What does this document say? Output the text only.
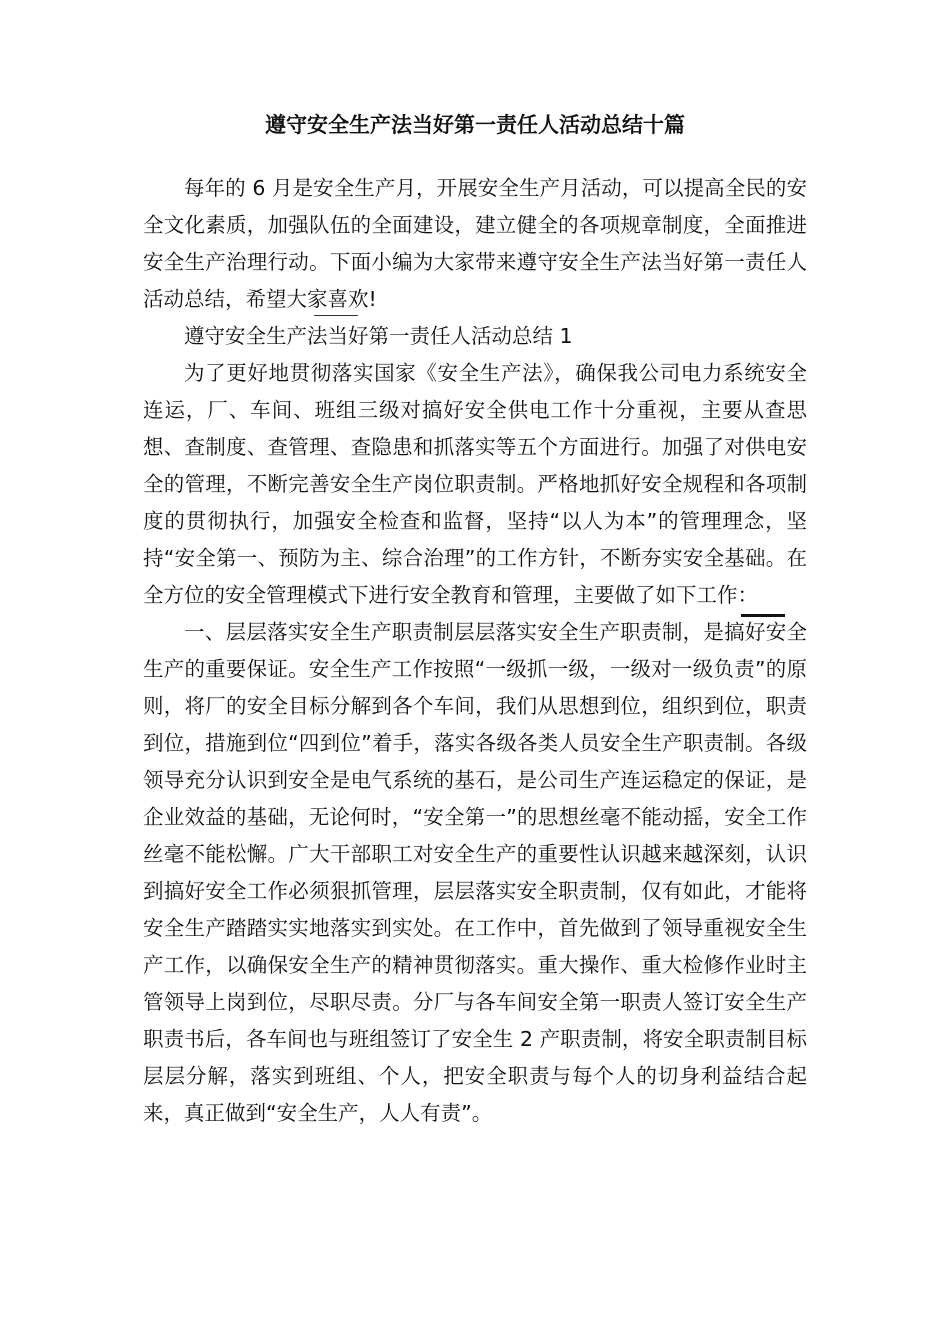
遵守安全生产法当好第一责任人活动总结十篇

每年的 6 月是安全生产月，开展安全生产月活动，可以提高全民的安全文化素质，加强队伍的全面建设，建立健全的各项规章制度，全面推进安全生产治理行动。下面小编为大家带来遵守安全生产法当好第一责任人活动总结，希望大家喜欢!

遵守安全生产法当好第一责任人活动总结 1

为了更好地贯彻落实国家《安全生产法》，确保我公司电力系统安全连运，厂、车间、班组三级对搞好安全供电工作十分重视，主要从查思想、查制度、查管理、查隐患和抓落实等五个方面进行。加强了对供电安全的管理，不断完善安全生产岗位职责制。严格地抓好安全规程和各项制度的贯彻执行，加强安全检查和监督，坚持“以人为本”的管理理念，坚持“安全第一、预防为主、综合治理”的工作方针，不断夯实安全基础。在全方位的安全管理模式下进行安全教育和管理，主要做了如下工作：

一、层层落实安全生产职责制层层落实安全生产职责制，是搞好安全生产的重要保证。安全生产工作按照“一级抓一级，一级对一级负责”的原则，将厂的安全目标分解到各个车间，我们从思想到位，组织到位，职责到位，措施到位“四到位”着手，落实各级各类人员安全生产职责制。各级领导充分认识到安全是电气系统的基石，是公司生产连运稳定的保证，是企业效益的基础，无论何时，“安全第一”的思想丝毫不能动摇，安全工作丝毫不能松懈。广大干部职工对安全生产的重要性认识越来越深刻，认识到搞好安全工作必须狠抓管理，层层落实安全职责制，仅有如此，才能将安全生产踏踏实实地落实到实处。在工作中，首先做到了领导重视安全生产工作，以确保安全生产的精神贯彻落实。重大操作、重大检修作业时主管领导上岗到位，尽职尽责。分厂与各车间安全第一职责人签订安全生产职责书后，各车间也与班组签订了安全生 2 产职责制，将安全职责制目标层层分解，落实到班组、个人，把安全职责与每个人的切身利益结合起来，真正做到“安全生产，人人有责”。
